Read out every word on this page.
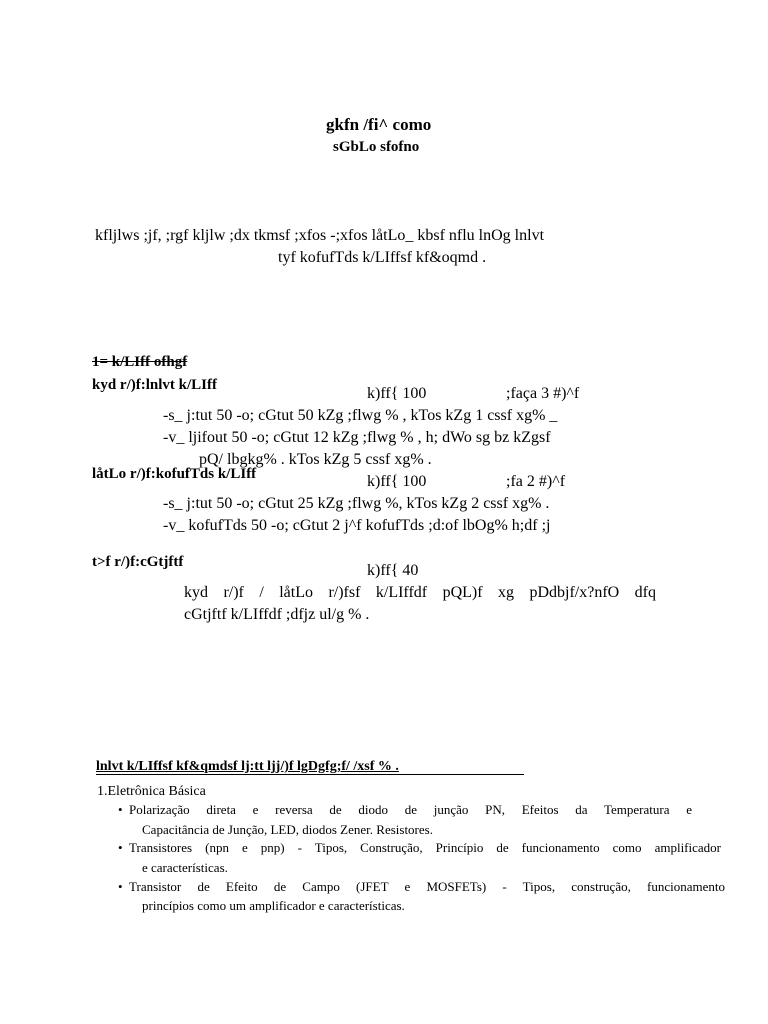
gkfn /fi^ como
sGbLo sfofno
kfljlws ;jf, ;rgf kljlw ;dx tkmsf ;xfos -;xfos låtLo_ kbsf nflu lnOg lnlvt
tyf kofufTds k/LIffsf kf&oqmd .
1= k/LIff ofhgf
kyd r/)f:lnlvt k/LIff	k)ff{ 100	;faça 3 #)^f
-s_ j:tut 50 -o; cGtut 50 kZg ;flwg % , kTos kZg 1 cssf xg% _
-v_ ljifout 50 -o; cGtut 12 kZg ;flwg % , h; dWo sg bz kZgsf
pQ/ lbgkg% . kTos kZg 5 cssf xg% .
låtLo r/)f:kofufTds k/LIff	k)ff{ 100	;fa 2 #)^f
-s_ j:tut 50 -o; cGtut 25 kZg ;flwg %, kTos kZg 2 cssf xg% .
-v_ kofufTds 50 -o; cGtut 2 j^f kofufTds ;d:of lbOg% h;df ;j
t>f r/)f:cGtjftf	k)ff{ 40
kyd r/)f / låtLo r/)fsf k/LIffdf pQL)f xg pDdbjf/x?nfO dfq
cGtjftf k/LIffdf ;dfjz ul/g % .
lnlvt k/LIffsf kf&qmdsf lj:tt ljj/)f lgDgfg;f/ /xsf % .
1.Eletrônica Básica
• Polarização direta e reversa de diodo de junção PN, Efeitos da Temperatura e
Capacitância de Junção, LED, diodos Zener. Resistores.
• Transistores (npn e pnp) - Tipos, Construção, Princípio de funcionamento como amplificador
e características.
• Transistor de Efeito de Campo (JFET e MOSFETs) - Tipos, construção, funcionamento
princípios como um amplificador e características.
